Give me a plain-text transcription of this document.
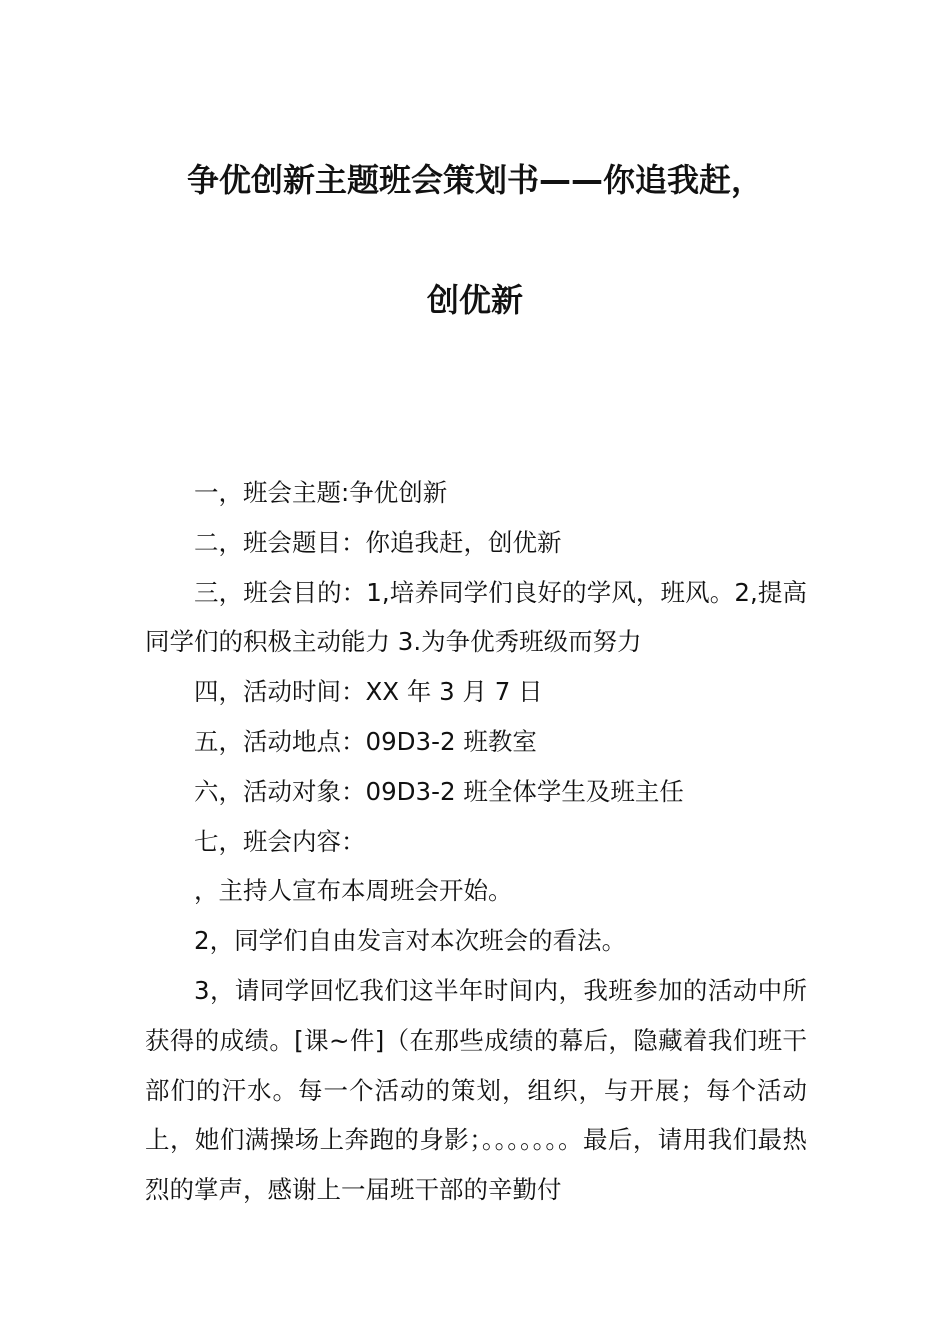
争优创新主题班会策划书——你追我赶，
创优新

一，班会主题:争优创新

二，班会题目：你追我赶，创优新

三，班会目的：1,培养同学们良好的学风，班风。2,提高同学们的积极主动能力 3.为争优秀班级而努力

四，活动时间：XX 年 3 月 7 日

五，活动地点：09D3-2 班教室

六，活动对象：09D3-2 班全体学生及班主任

七，班会内容：

，主持人宣布本周班会开始。

2，同学们自由发言对本次班会的看法。

3，请同学回忆我们这半年时间内，我班参加的活动中所获得的成绩。[课~件]（在那些成绩的幕后，隐藏着我们班干部们的汗水。每一个活动的策划，组织，与开展；每个活动上，她们满操场上奔跑的身影；。。。。。。。最后，请用我们最热烈的掌声，感谢上一届班干部的辛勤付
